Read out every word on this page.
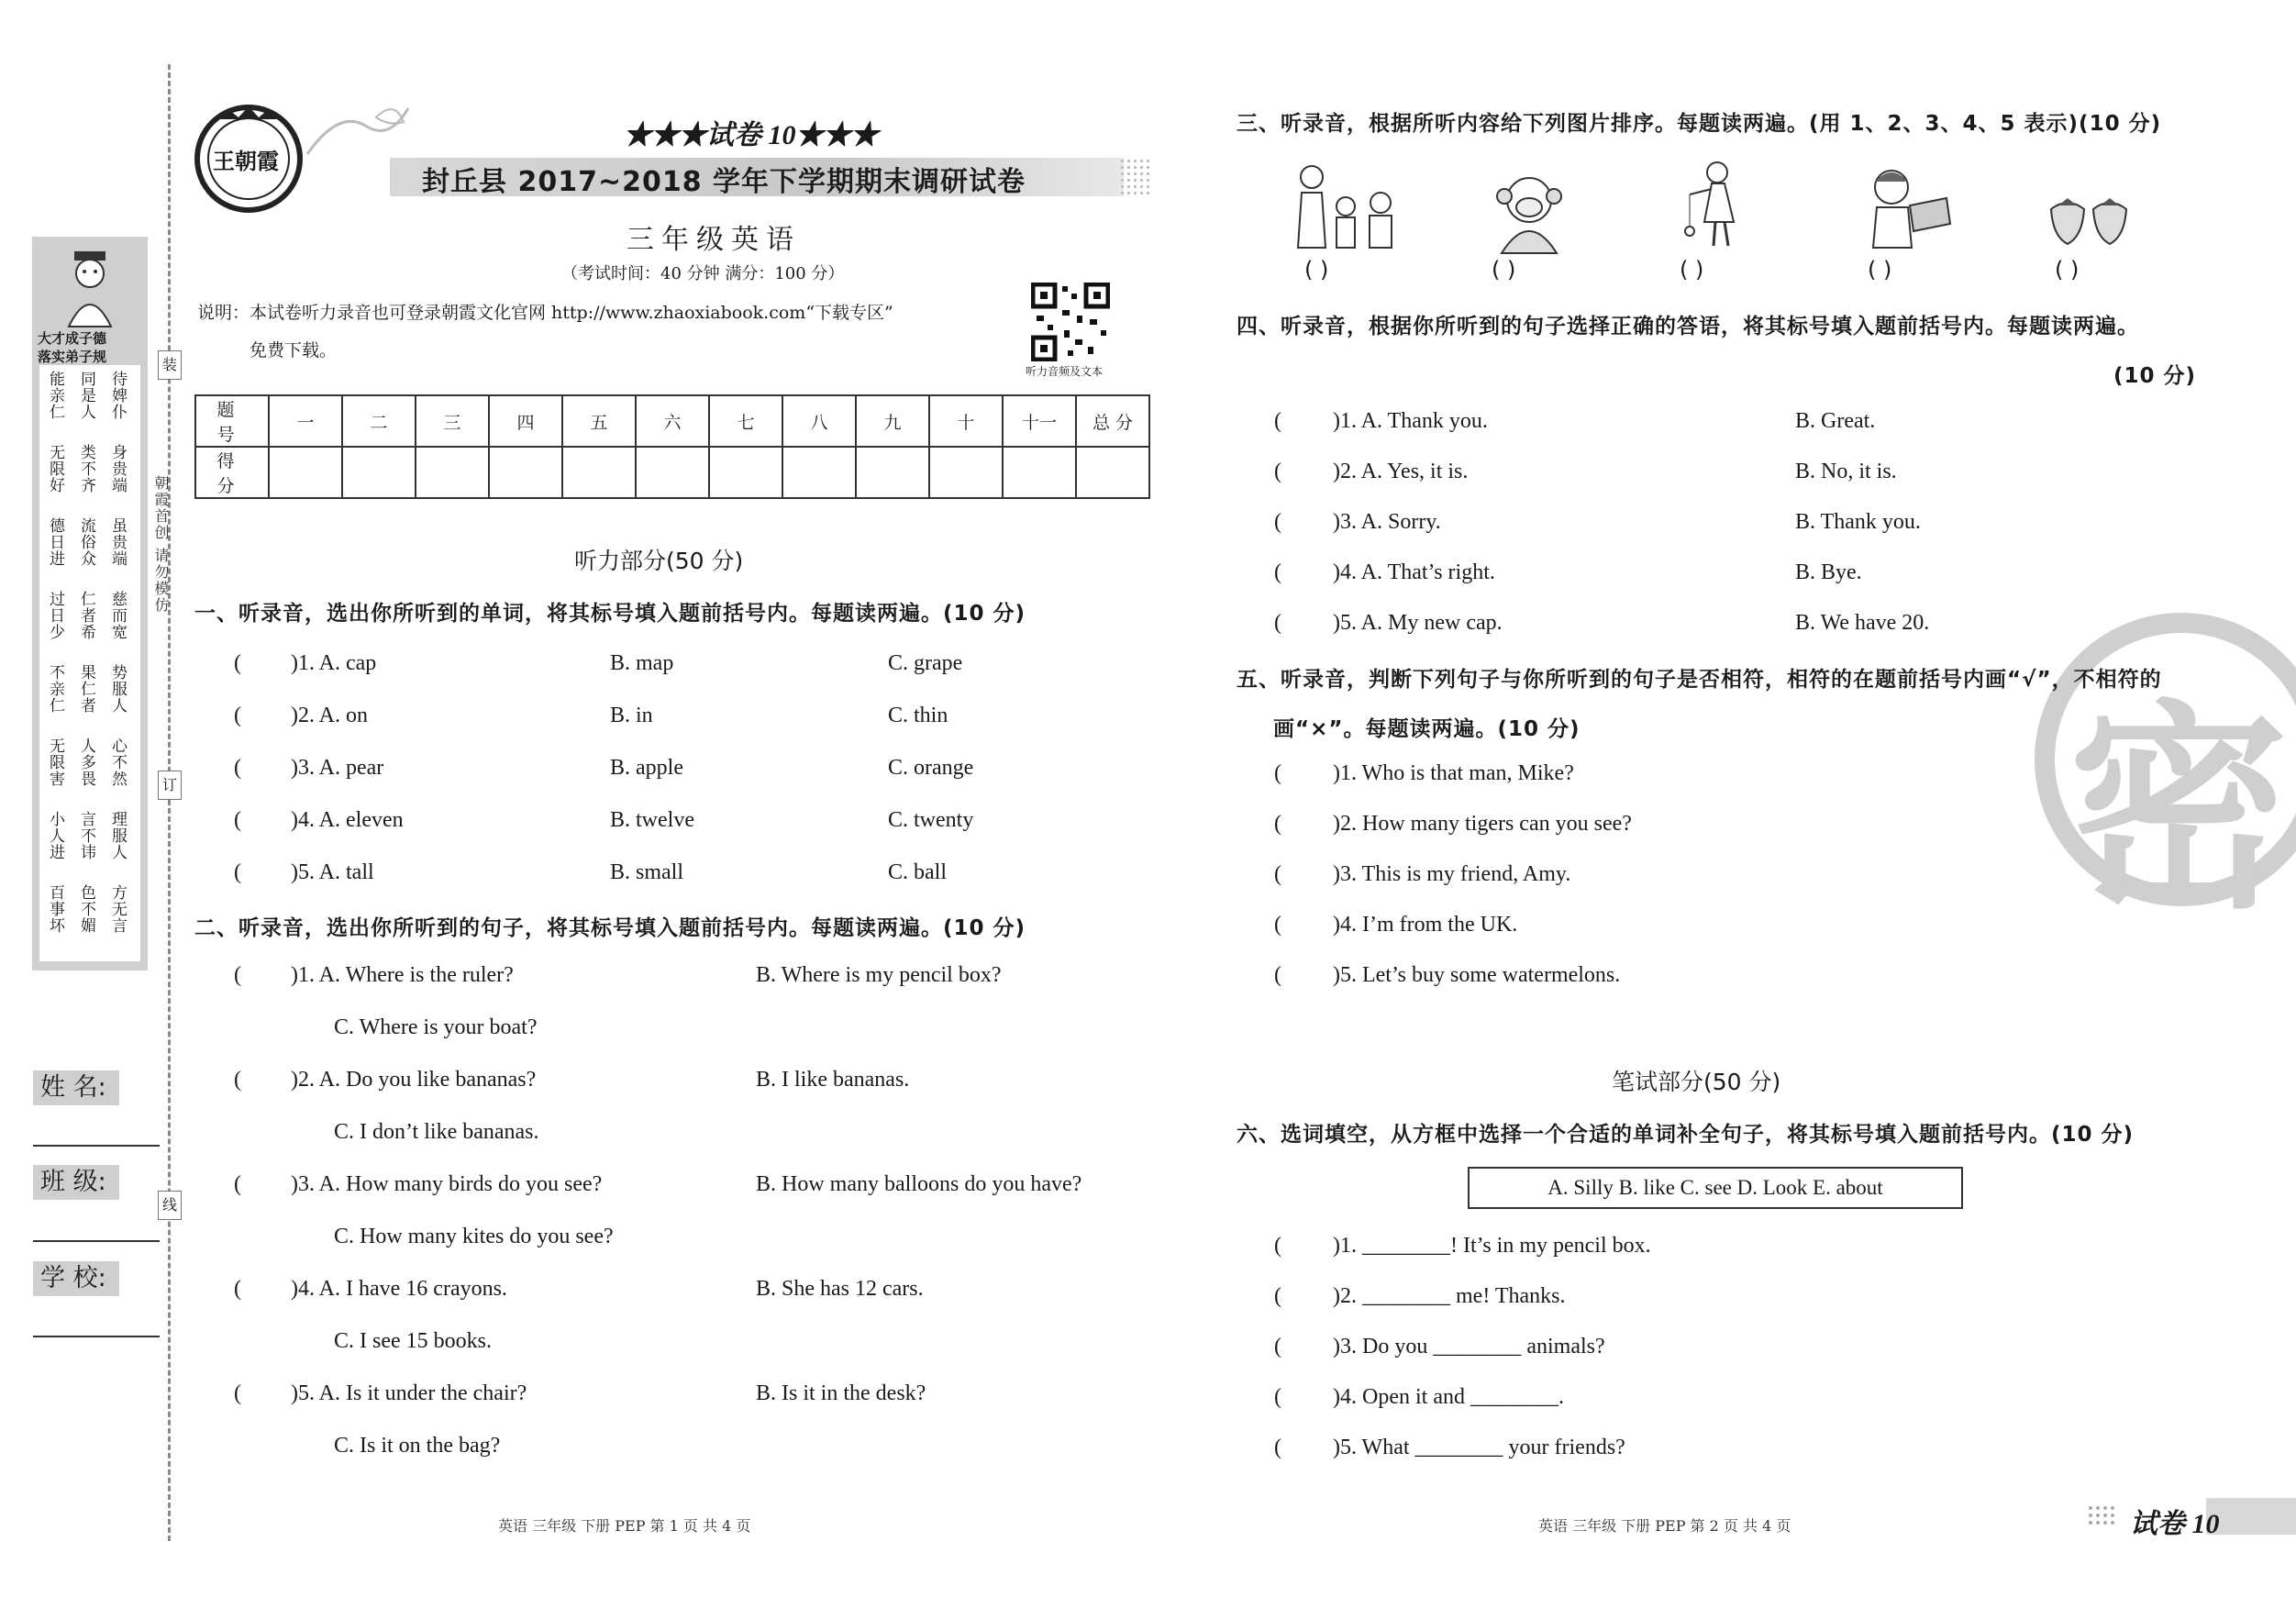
大才成子德
落实弟子规
能亲仁 同是人 待婢仆
无限好 类不齐 身贵端
德日进 流俗众 虽贵端
过日少 仁者希 慈而宽
不亲仁 果仁者 势服人
无限害 人多畏 心不然
小人进 言不讳 理服人
百事坏 色不媚 方无言
装
订
线
朝霞首创 请勿模仿
姓 名:
班 级:
学 校:
王朝霞
★★★试卷 10★★★
封丘县 2017~2018 学年下学期期末调研试卷
三年级英语
（考试时间：40 分钟 满分：100 分）
说明：本试卷听力录音也可登录朝霞文化官网 http://www.zhaoxiabook.com“下载专区”
免费下载。
听力音频及文本
题 号	一	二	三	四	五	六	七	八	九	十	十一	总 分
得 分												
听力部分(50 分)
一、听录音，选出你所听到的单词，将其标号填入题前括号内。每题读两遍。(10 分)
二、听录音，选出你所听到的句子，将其标号填入题前括号内。每题读两遍。(10 分)
英语 三年级 下册 PEP 第 1 页 共 4 页
三、听录音，根据所听内容给下列图片排序。每题读两遍。(用 1、2、3、4、5 表示)(10 分)
( )	( )	( )	( )	( )
四、听录音，根据你所听到的句子选择正确的答语，将其标号填入题前括号内。每题读两遍。
(10 分)
密
五、听录音，判断下列句子与你所听到的句子是否相符，相符的在题前括号内画“√”，不相符的
画“×”。每题读两遍。(10 分)
笔试部分(50 分)
六、选词填空，从方框中选择一个合适的单词补全句子，将其标号填入题前括号内。(10 分)
A. Silly B. like C. see D. Look E. about
英语 三年级 下册 PEP 第 2 页 共 4 页	试卷 10
( )1. A. cap	B. map	C. grape
( )2. A. on	B. in	C. thin
( )3. A. pear	B. apple	C. orange
( )4. A. eleven	B. twelve	C. twenty
( )5. A. tall	B. small	C. ball
( )1. A. Where is the ruler?	B. Where is my pencil box?
C. Where is your boat?
( )2. A. Do you like bananas?	B. I like bananas.
C. I don’t like bananas.
( )3. A. How many birds do you see?	B. How many balloons do you have?
C. How many kites do you see?
( )4. A. I have 16 crayons.	B. She has 12 cars.
C. I see 15 books.
( )5. A. Is it under the chair?	B. Is it in the desk?
C. Is it on the bag?
( )1. A. Thank you.	B. Great.
( )2. A. Yes, it is.	B. No, it is.
( )3. A. Sorry.	B. Thank you.
( )4. A. That’s right.	B. Bye.
( )5. A. My new cap.	B. We have 20.
( )1. Who is that man, Mike?
( )2. How many tigers can you see?
( )3. This is my friend, Amy.
( )4. I’m from the UK.
( )5. Let’s buy some watermelons.
( )1. ________! It’s in my pencil box.
( )2. ________ me! Thanks.
( )3. Do you ________ animals?
( )4. Open it and ________.
( )5. What ________ your friends?
